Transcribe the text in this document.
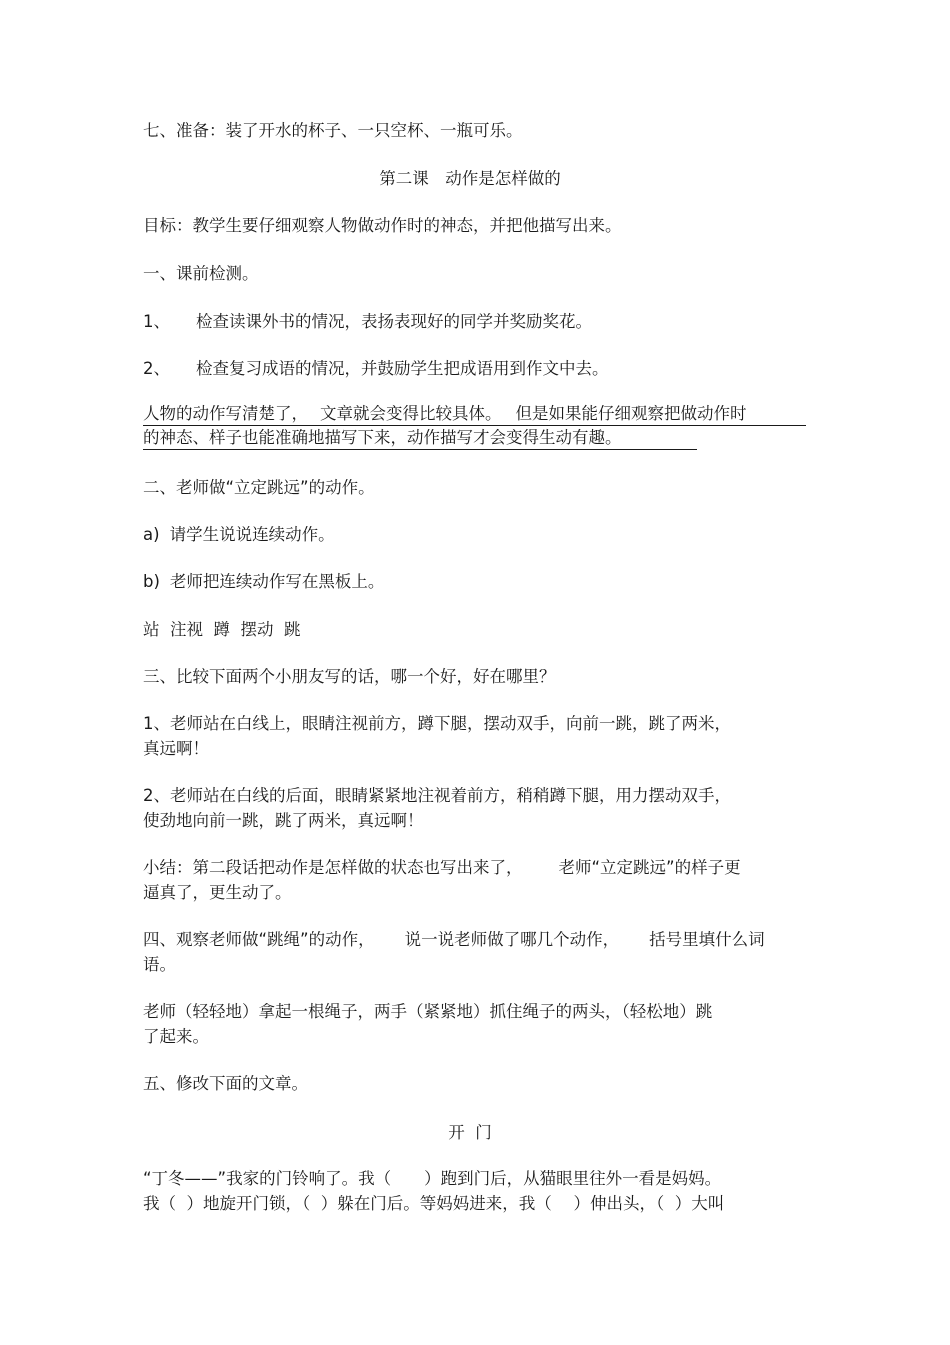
七、准备：装了开水的杯子、一只空杯、一瓶可乐。

第二课　动作是怎样做的

目标：教学生要仔细观察人物做动作时的神态，并把他描写出来。

一、课前检测。

1、 检查读课外书的情况，表扬表现好的同学并奖励奖花。

2、 检查复习成语的情况，并鼓励学生把成语用到作文中去。

人物的动作写清楚了， 文章就会变得比较具体。 但是如果能仔细观察把做动作时

的神态、样子也能准确地描写下来，动作描写才会变得生动有趣。

二、老师做“立定跳远”的动作。

a) 请学生说说连续动作。

b) 老师把连续动作写在黑板上。

站  注视  蹲  摆动  跳

三、比较下面两个小朋友写的话，哪一个好，好在哪里？

1、老师站在白线上，眼睛注视前方，蹲下腿，摆动双手，向前一跳，跳了两米，

真远啊！

2、老师站在白线的后面，眼睛紧紧地注视着前方，稍稍蹲下腿，用力摆动双手，

使劲地向前一跳，跳了两米，真远啊！

小结：第二段话把动作是怎样做的状态也写出来了， 老师“立定跳远”的样子更

逼真了，更生动了。

四、观察老师做“跳绳”的动作， 说一说老师做了哪几个动作， 括号里填什么词

语。

老师（轻轻地）拿起一根绳子，两手（紧紧地）抓住绳子的两头，（轻松地）跳

了起来。

五、修改下面的文章。

开  门

“丁冬——”我家的门铃响了。我（　　）跑到门后，从猫眼里往外一看是妈妈。

我（  ）地旋开门锁，（  ）躲在门后。等妈妈进来，我（　 ）伸出头，（  ）大叫
